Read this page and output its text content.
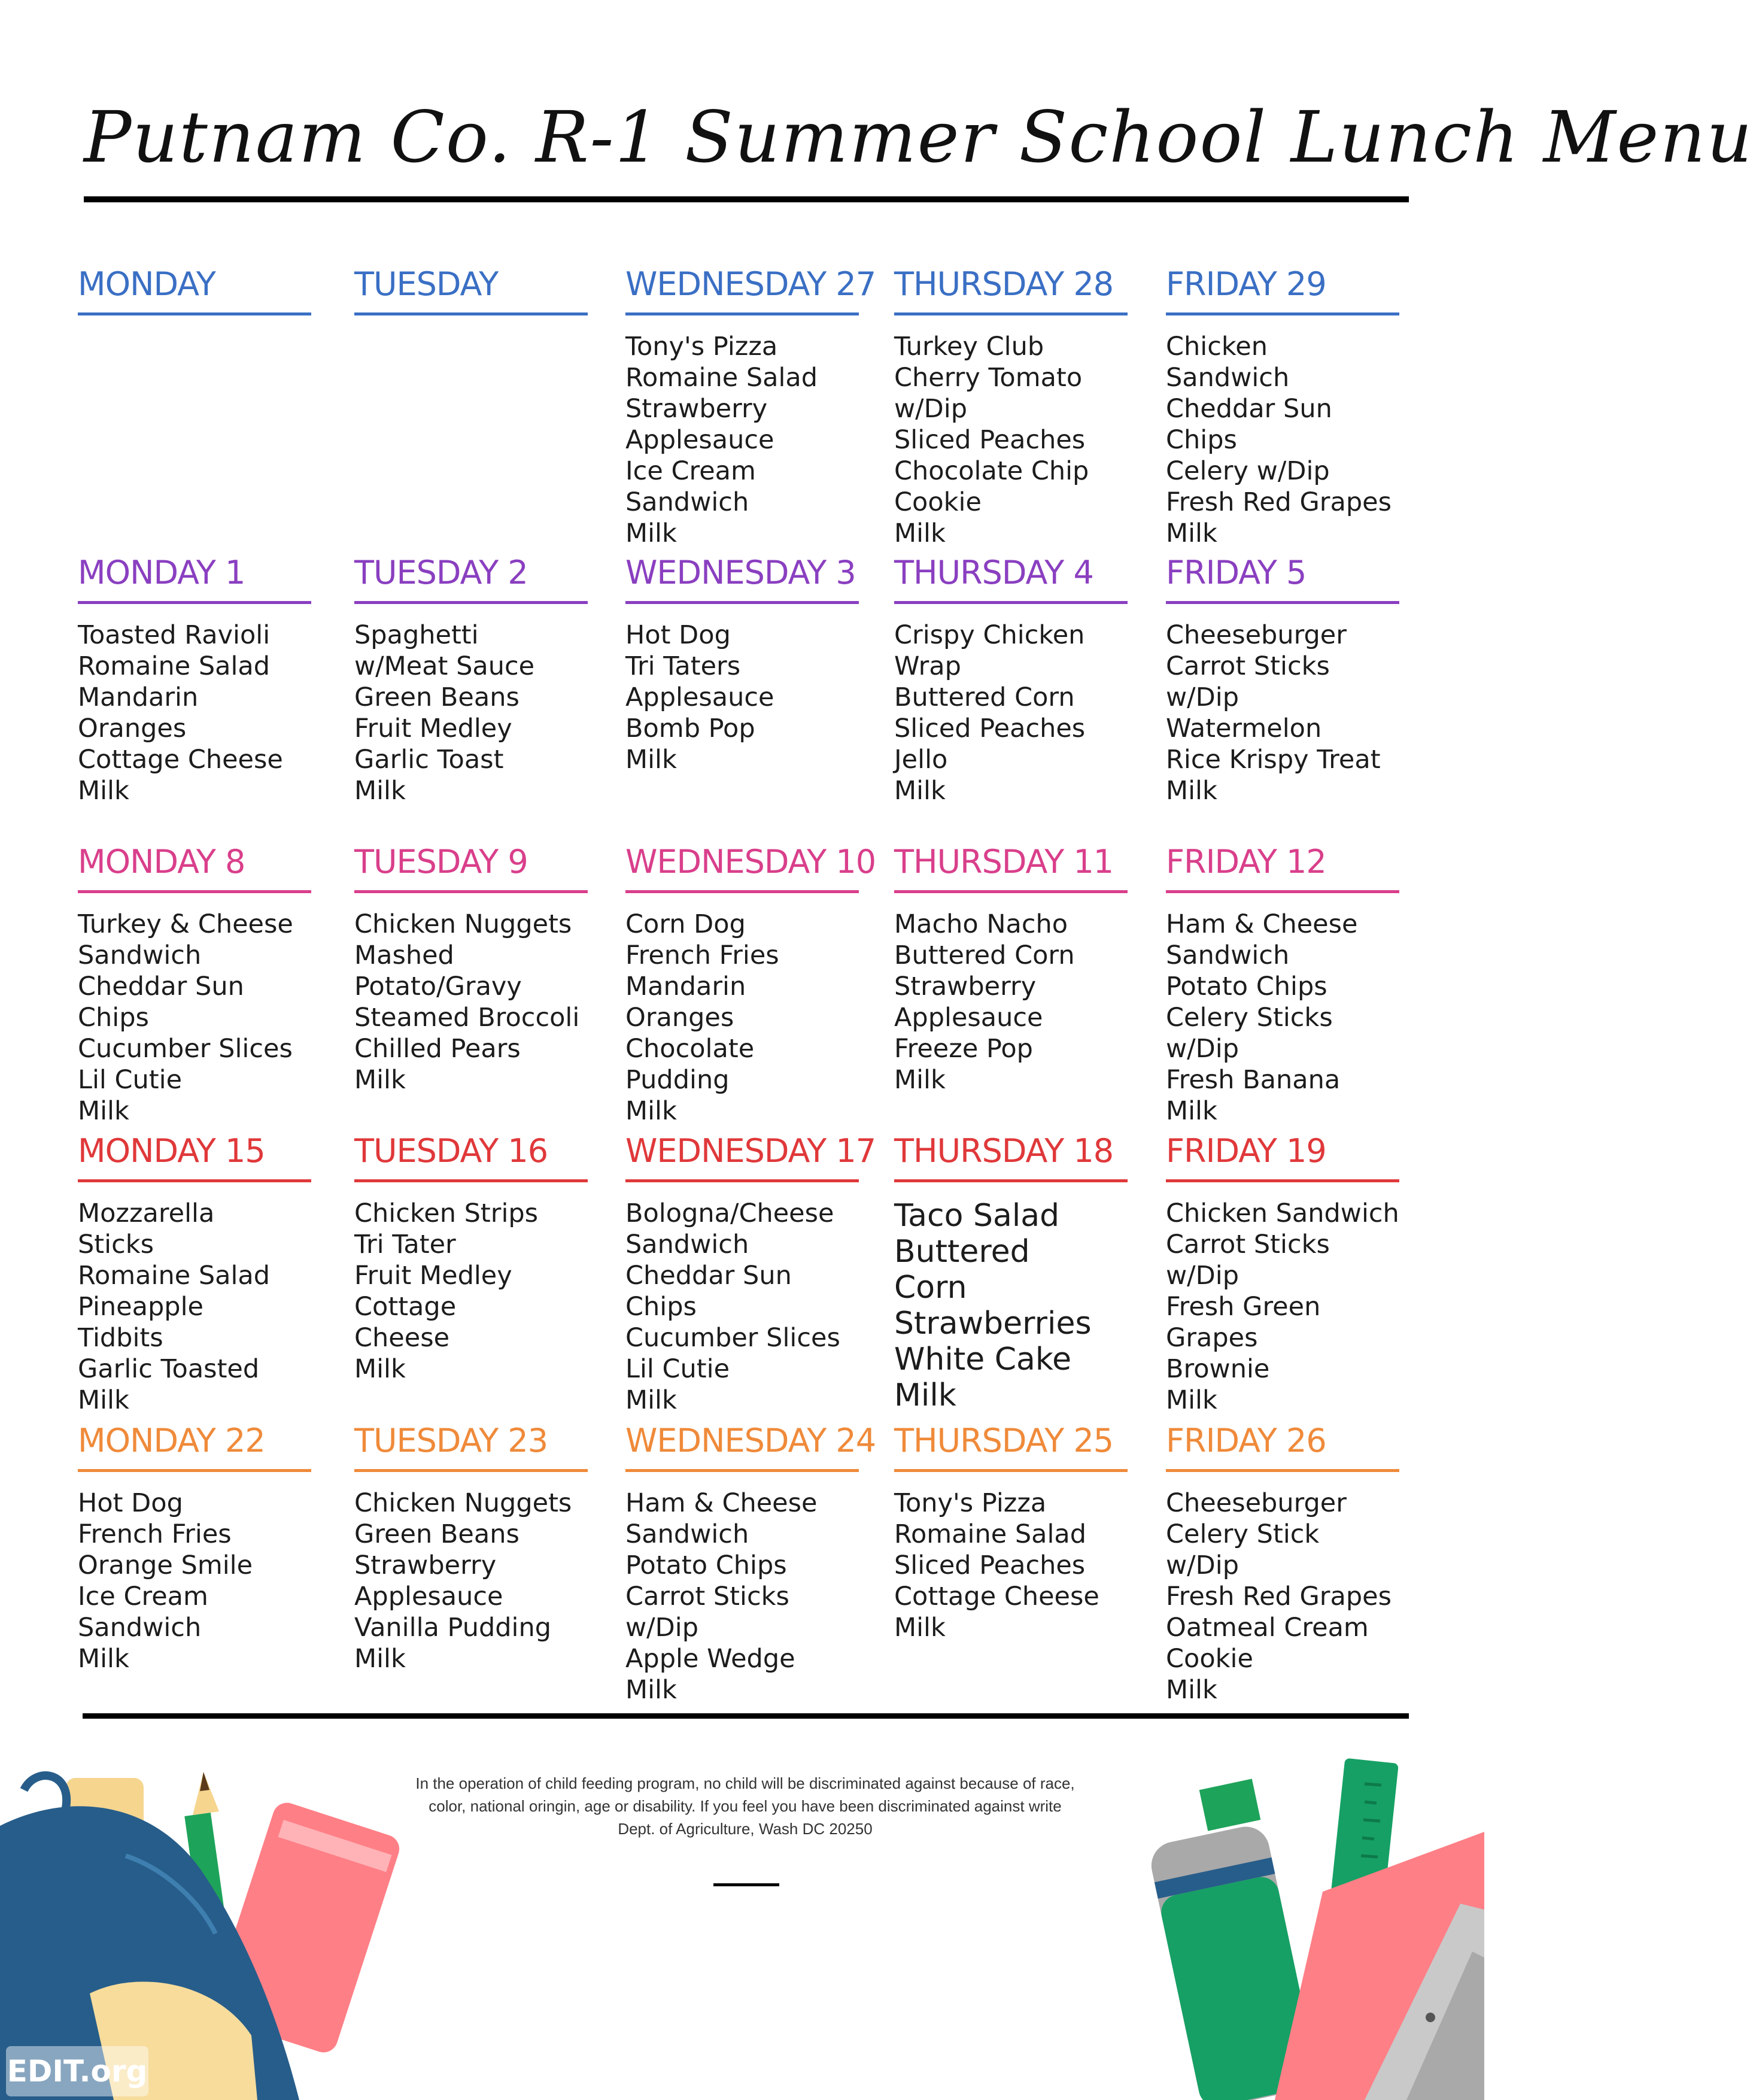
Putnam Co. R-1 Summer School Lunch Menu
MONDAY	TUESDAY	WEDNESDAY 27
Tony's Pizza
Romaine Salad
Strawberry
Applesauce
Ice Cream
Sandwich
Milk
THURSDAY 28
Turkey Club
Cherry Tomato
w/Dip
Sliced Peaches
Chocolate Chip
Cookie
Milk
FRIDAY 29
Chicken
Sandwich
Cheddar Sun
Chips
Celery w/Dip
Fresh Red Grapes
Milk
MONDAY 1
Toasted Ravioli
Romaine Salad
Mandarin
Oranges
Cottage Cheese
Milk
TUESDAY 2
Spaghetti
w/Meat Sauce
Green Beans
Fruit Medley
Garlic Toast
Milk
WEDNESDAY 3
Hot Dog
Tri Taters
Applesauce
Bomb Pop
Milk
THURSDAY 4
Crispy Chicken
Wrap
Buttered Corn
Sliced Peaches
Jello
Milk
FRIDAY 5
Cheeseburger
Carrot Sticks
w/Dip
Watermelon
Rice Krispy Treat
Milk
MONDAY 8
Turkey & Cheese
Sandwich
Cheddar Sun
Chips
Cucumber Slices
Lil Cutie
Milk
TUESDAY 9
Chicken Nuggets
Mashed
Potato/Gravy
Steamed Broccoli
Chilled Pears
Milk
WEDNESDAY 10
Corn Dog
French Fries
Mandarin
Oranges
Chocolate
Pudding
Milk
THURSDAY 11
Macho Nacho
Buttered Corn
Strawberry
Applesauce
Freeze Pop
Milk
FRIDAY 12
Ham & Cheese
Sandwich
Potato Chips
Celery Sticks
w/Dip
Fresh Banana
Milk
MONDAY 15
Mozzarella
Sticks
Romaine Salad
Pineapple
Tidbits
Garlic Toasted
Milk
TUESDAY 16
Chicken Strips
Tri Tater
Fruit Medley
Cottage
Cheese
Milk
WEDNESDAY 17
Bologna/Cheese
Sandwich
Cheddar Sun
Chips
Cucumber Slices
Lil Cutie
Milk
THURSDAY 18
Taco Salad
Buttered
Corn
Strawberries
White Cake
Milk
FRIDAY 19
Chicken Sandwich
Carrot Sticks
w/Dip
Fresh Green
Grapes
Brownie
Milk
MONDAY 22
Hot Dog
French Fries
Orange Smile
Ice Cream
Sandwich
Milk
TUESDAY 23
Chicken Nuggets
Green Beans
Strawberry
Applesauce
Vanilla Pudding
Milk
WEDNESDAY 24
Ham & Cheese
Sandwich
Potato Chips
Carrot Sticks
w/Dip
Apple Wedge
Milk
THURSDAY 25
Tony's Pizza
Romaine Salad
Sliced Peaches
Cottage Cheese
Milk
FRIDAY 26
Cheeseburger
Celery Stick
w/Dip
Fresh Red Grapes
Oatmeal Cream
Cookie
Milk
In the operation of child feeding program, no child will be discriminated against because of race,
color, national oringin, age or disability. If you feel you have been discriminated against write
Dept. of Agriculture, Wash DC 20250
EDIT.org
